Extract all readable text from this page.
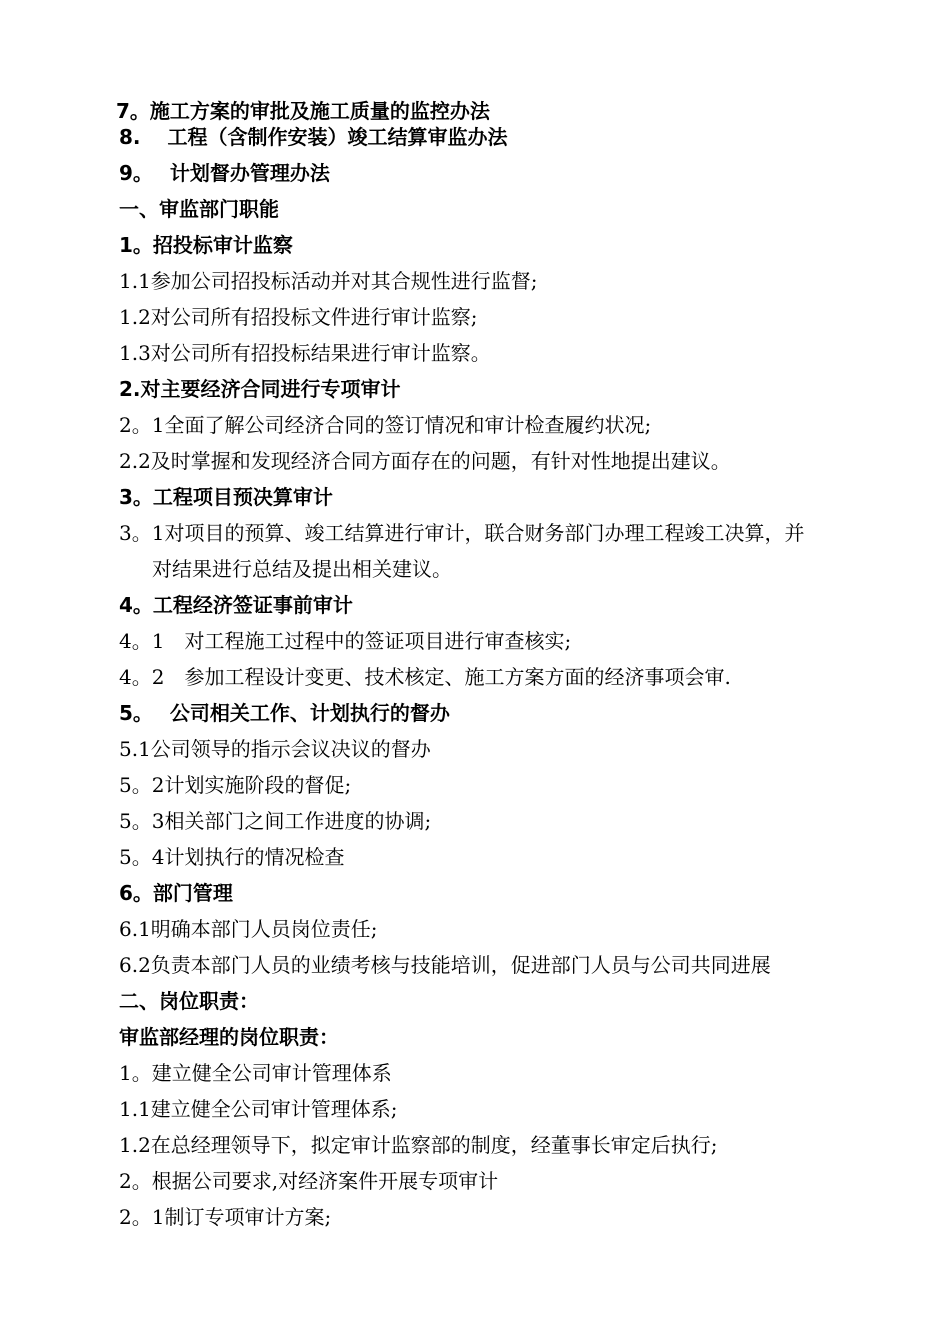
7。施工方案的审批及施工质量的监控办法
8.　 工程（含制作安装）竣工结算审监办法
9。　 计划督办管理办法
一、审监部门职能
1。招投标审计监察
1.1参加公司招投标活动并对其合规性进行监督;
1.2对公司所有招投标文件进行审计监察;
1.3对公司所有招投标结果进行审计监察。
2.对主要经济合同进行专项审计
2。1全面了解公司经济合同的签订情况和审计检查履约状况;
2.2及时掌握和发现经济合同方面存在的问题，有针对性地提出建议。
3。工程项目预决算审计
3。1对项目的预算、竣工结算进行审计，联合财务部门办理工程竣工决算，并
对结果进行总结及提出相关建议。
4。工程经济签证事前审计
4。1　对工程施工过程中的签证项目进行审查核实;
4。2　参加工程设计变更、技术核定、施工方案方面的经济事项会审.
5。　 公司相关工作、计划执行的督办
5.1公司领导的指示会议决议的督办
5。2计划实施阶段的督促;
5。3相关部门之间工作进度的协调;
5。4计划执行的情况检查
6。部门管理
6.1明确本部门人员岗位责任;
6.2负责本部门人员的业绩考核与技能培训，促进部门人员与公司共同进展
二、岗位职责：
审监部经理的岗位职责：
1。建立健全公司审计管理体系
1.1建立健全公司审计管理体系;
1.2在总经理领导下，拟定审计监察部的制度，经董事长审定后执行;
2。根据公司要求,对经济案件开展专项审计
2。1制订专项审计方案;
